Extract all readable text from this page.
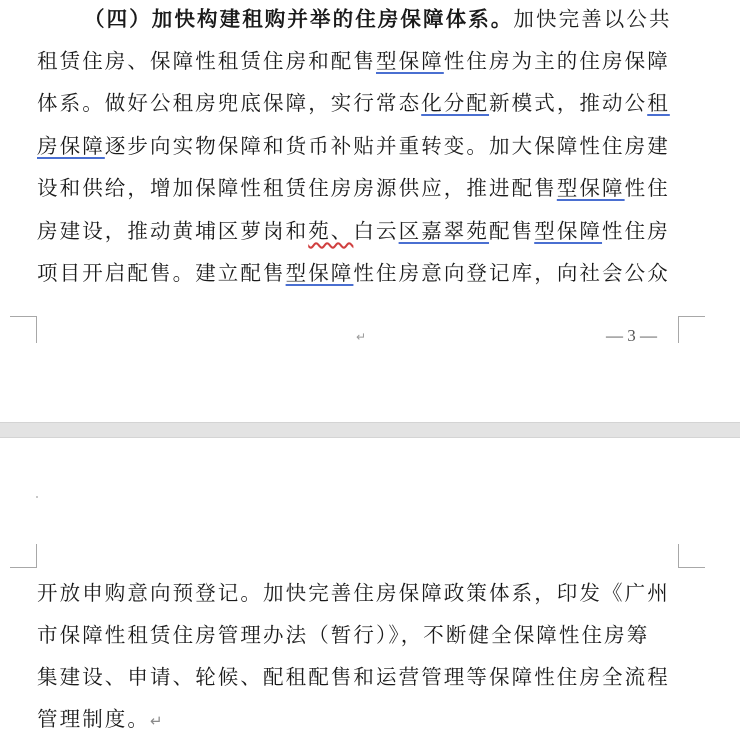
（四）加快构建租购并举的住房保障体系。加快完善以公共
租赁住房、保障性租赁住房和配售型保障性住房为主的住房保障
体系。做好公租房兜底保障，实行常态化分配新模式，推动公租
房保障逐步向实物保障和货币补贴并重转变。加大保障性住房建
设和供给，增加保障性租赁住房房源供应，推进配售型保障性住
房建设，推动黄埔区萝岗和苑、白云区嘉翠苑配售型保障性住房
项目开启配售。建立配售型保障性住房意向登记库，向社会公众
↵	— 3 —
开放申购意向预登记。加快完善住房保障政策体系，印发《广州
市保障性租赁住房管理办法（暂行）》，不断健全保障性住房筹
集建设、申请、轮候、配租配售和运营管理等保障性住房全流程
管理制度。↵
